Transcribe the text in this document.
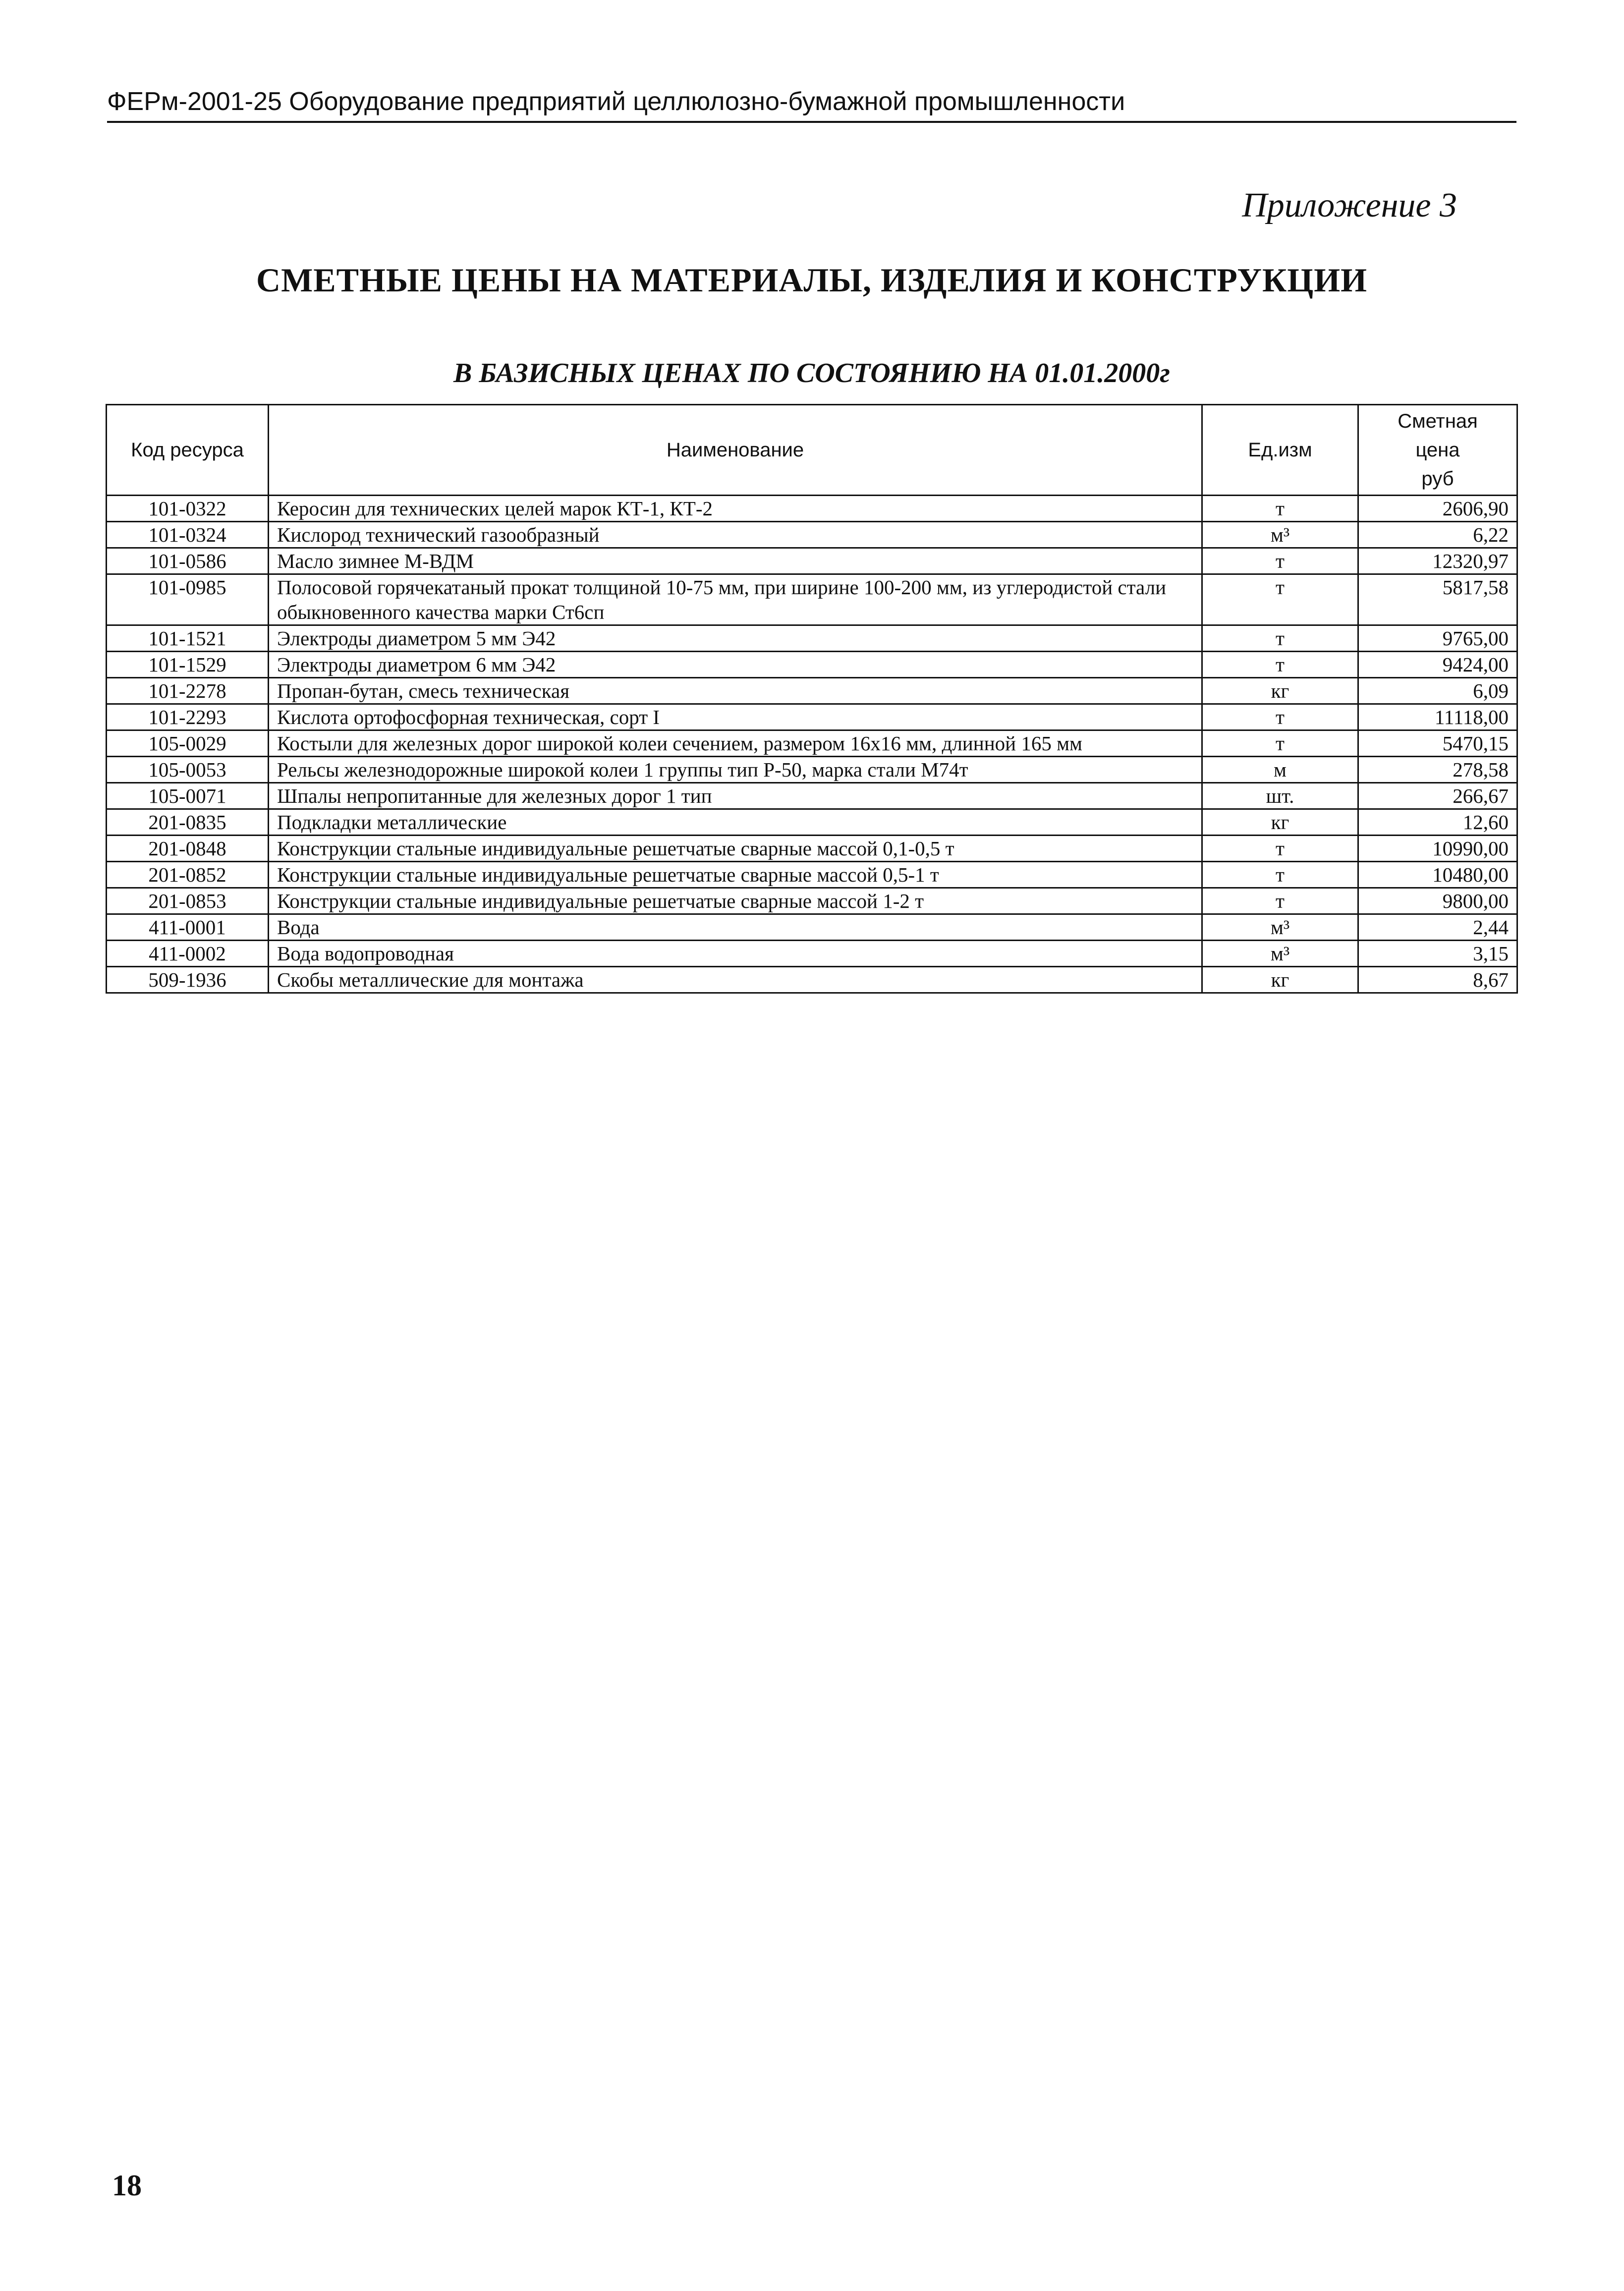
ФЕРм-2001-25 Оборудование предприятий целлюлозно-бумажной промышленности
Приложение 3
СМЕТНЫЕ ЦЕНЫ НА МАТЕРИАЛЫ, ИЗДЕЛИЯ И КОНСТРУКЦИИ
В БАЗИСНЫХ ЦЕНАХ ПО СОСТОЯНИЮ НА 01.01.2000г
Код ресурса	Наименование	Ед.изм	Сметная
цена
руб
101-0322	Керосин для технических целей марок КТ-1, КТ-2	т	2606,90
101-0324	Кислород технический газообразный	м³	6,22
101-0586	Масло зимнее М-ВДМ	т	12320,97
101-0985	Полосовой горячекатаный прокат толщиной 10-75 мм, при ширине 100-200 мм, из углеродистой стали обыкновенного качества марки Ст6сп	т	5817,58
101-1521	Электроды диаметром 5 мм Э42	т	9765,00
101-1529	Электроды диаметром 6 мм Э42	т	9424,00
101-2278	Пропан-бутан, смесь техническая	кг	6,09
101-2293	Кислота ортофосфорная техническая, сорт I	т	11118,00
105-0029	Костыли для железных дорог широкой колеи сечением, размером 16х16 мм, длинной 165 мм	т	5470,15
105-0053	Рельсы железнодорожные широкой колеи 1 группы тип Р-50, марка стали М74т	м	278,58
105-0071	Шпалы непропитанные для железных дорог 1 тип	шт.	266,67
201-0835	Подкладки металлические	кг	12,60
201-0848	Конструкции стальные индивидуальные решетчатые сварные массой 0,1-0,5 т	т	10990,00
201-0852	Конструкции стальные индивидуальные решетчатые сварные массой 0,5-1 т	т	10480,00
201-0853	Конструкции стальные индивидуальные решетчатые сварные массой 1-2 т	т	9800,00
411-0001	Вода	м³	2,44
411-0002	Вода водопроводная	м³	3,15
509-1936	Скобы металлические для монтажа	кг	8,67
18
